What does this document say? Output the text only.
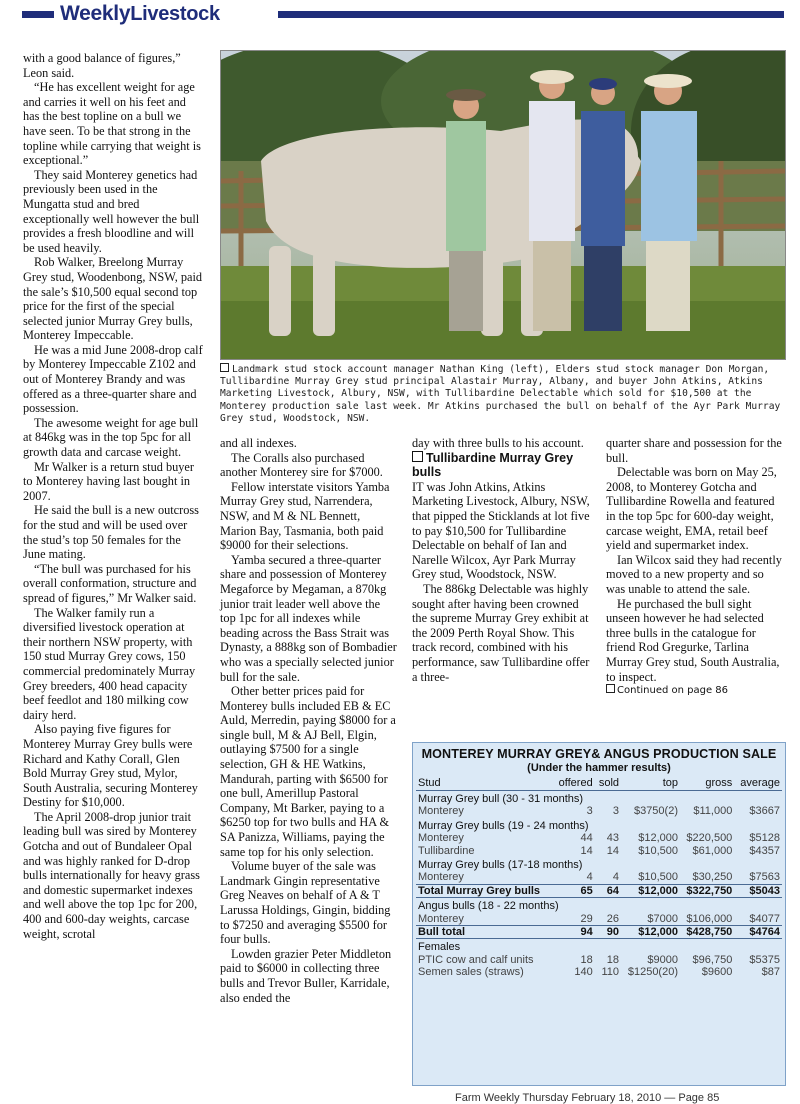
WeeklyLivestock

with a good balance of figures,” Leon said.

“He has excellent weight for age and carries it well on his feet and has the best topline on a bull we have seen. To be that strong in the topline while carrying that weight is exceptional.”

They said Monterey genetics had previously been used in the Mungatta stud and bred exceptionally well however the bull provides a fresh bloodline and will be used heavily.

Rob Walker, Breelong Murray Grey stud, Woodenbong, NSW, paid the sale’s $10,500 equal second top price for the first of the special selected junior Murray Grey bulls, Monterey Impeccable.

He was a mid June 2008-drop calf by Monterey Impeccable Z102 and out of Monterey Brandy and was offered as a three-quarter share and possession.

The awesome weight for age bull at 846kg was in the top 5pc for all growth data and carcase weight.

Mr Walker is a return stud buyer to Monterey having last bought in 2007.

He said the bull is a new outcross for the stud and will be used over the stud’s top 50 females for the June mating.

“The bull was purchased for his overall conformation, structure and spread of figures,” Mr Walker said.

The Walker family run a diversified livestock operation at their northern NSW property, with 150 stud Murray Grey cows, 150 commercial predominately Murray Grey breeders, 400 head capacity beef feedlot and 180 milking cow dairy herd.

Also paying five figures for Monterey Murray Grey bulls were Richard and Kathy Corall, Glen Bold Murray Grey stud, Mylor, South Australia, securing Monterey Destiny for $10,000.

The April 2008-drop junior trait leading bull was sired by Monterey Gotcha and out of Bundaleer Opal and was highly ranked for D-drop bulls internationally for heavy grass and domestic supermarket indexes and well above the top 1pc for 200, 400 and 600-day weights, carcase weight, scrotal

Landmark stud stock account manager Nathan King (left), Elders stud stock manager Don Morgan, Tullibardine Murray Grey stud principal Alastair Murray, Albany, and buyer John Atkins, Atkins Marketing Livestock, Albury, NSW, with Tullibardine Delectable which sold for $10,500 at the Monterey production sale last week. Mr Atkins purchased the bull on behalf of the Ayr Park Murray Grey stud, Woodstock, NSW.

and all indexes.

The Coralls also purchased another Monterey sire for $7000.

Fellow interstate visitors Yamba Murray Grey stud, Narrendera, NSW, and M & NL Bennett, Marion Bay, Tasmania, both paid $9000 for their selections.

Yamba secured a three-quarter share and possession of Monterey Megaforce by Megaman, a 870kg junior trait leader well above the top 1pc for all indexes while beading across the Bass Strait was Dynasty, a 888kg son of Bombadier who was a specially selected junior bull for the sale.

Other better prices paid for Monterey bulls included EB & EC Auld, Merredin, paying $8000 for a single bull, M & AJ Bell, Elgin, outlaying $7500 for a single selection, GH & HE Watkins, Mandurah, parting with $6500 for one bull, Amerillup Pastoral Company, Mt Barker, paying to a $6250 top for two bulls and HA & SA Panizza, Williams, paying the same top for his only selection.

Volume buyer of the sale was Landmark Gingin representative Greg Neaves on behalf of A & T Larussa Holdings, Gingin, bidding to $7250 and averaging $5500 for four bulls.

Lowden grazier Peter Middleton paid to $6000 in collecting three bulls and Trevor Buller, Karridale, also ended the

day with three bulls to his account.

Tullibardine Murray Grey bulls

IT was John Atkins, Atkins Marketing Livestock, Albury, NSW, that pipped the Sticklands at lot five to pay $10,500 for Tullibardine Delectable on behalf of Ian and Narelle Wilcox, Ayr Park Murray Grey stud, Woodstock, NSW.

The 886kg Delectable was highly sought after having been crowned the supreme Murray Grey exhibit at the 2009 Perth Royal Show. This track record, combined with his performance, saw Tullibardine offer a three-

quarter share and possession for the bull.

Delectable was born on May 25, 2008, to Monterey Gotcha and Tullibardine Rowella and featured in the top 5pc for 600-day weight, carcase weight, EMA, retail beef yield and supermarket index.

Ian Wilcox said they had recently moved to a new property and so was unable to attend the sale.

He purchased the bull sight unseen however he had selected three bulls in the catalogue for friend Rod Gregurke, Tarlina Murray Grey stud, South Australia, to inspect.

Continued on page 86
MONTEREY MURRAY GREY& ANGUS PRODUCTION SALE
(Under the hammer results)
Stud	offered	sold	top	gross	average
Murray Grey bull (30 - 31 months)					
Monterey	3	3	$3750(2)	$11,000	$3667
Murray Grey bulls (19 - 24 months)					
Monterey	44	43	$12,000	$220,500	$5128
Tullibardine	14	14	$10,500	$61,000	$4357
Murray Grey bulls (17-18 months)					
Monterey	4	4	$10,500	$30,250	$7563
Total Murray Grey bulls	65	64	$12,000	$322,750	$5043
Angus bulls (18 - 22 months)					
Monterey	29	26	$7000	$106,000	$4077
Bull total	94	90	$12,000	$428,750	$4764
Females					
PTIC cow and calf units	18	18	$9000	$96,750	$5375
Semen sales (straws)	140	110	$1250(20)	$9600	$87
Farm Weekly Thursday February 18, 2010 — Page 85
